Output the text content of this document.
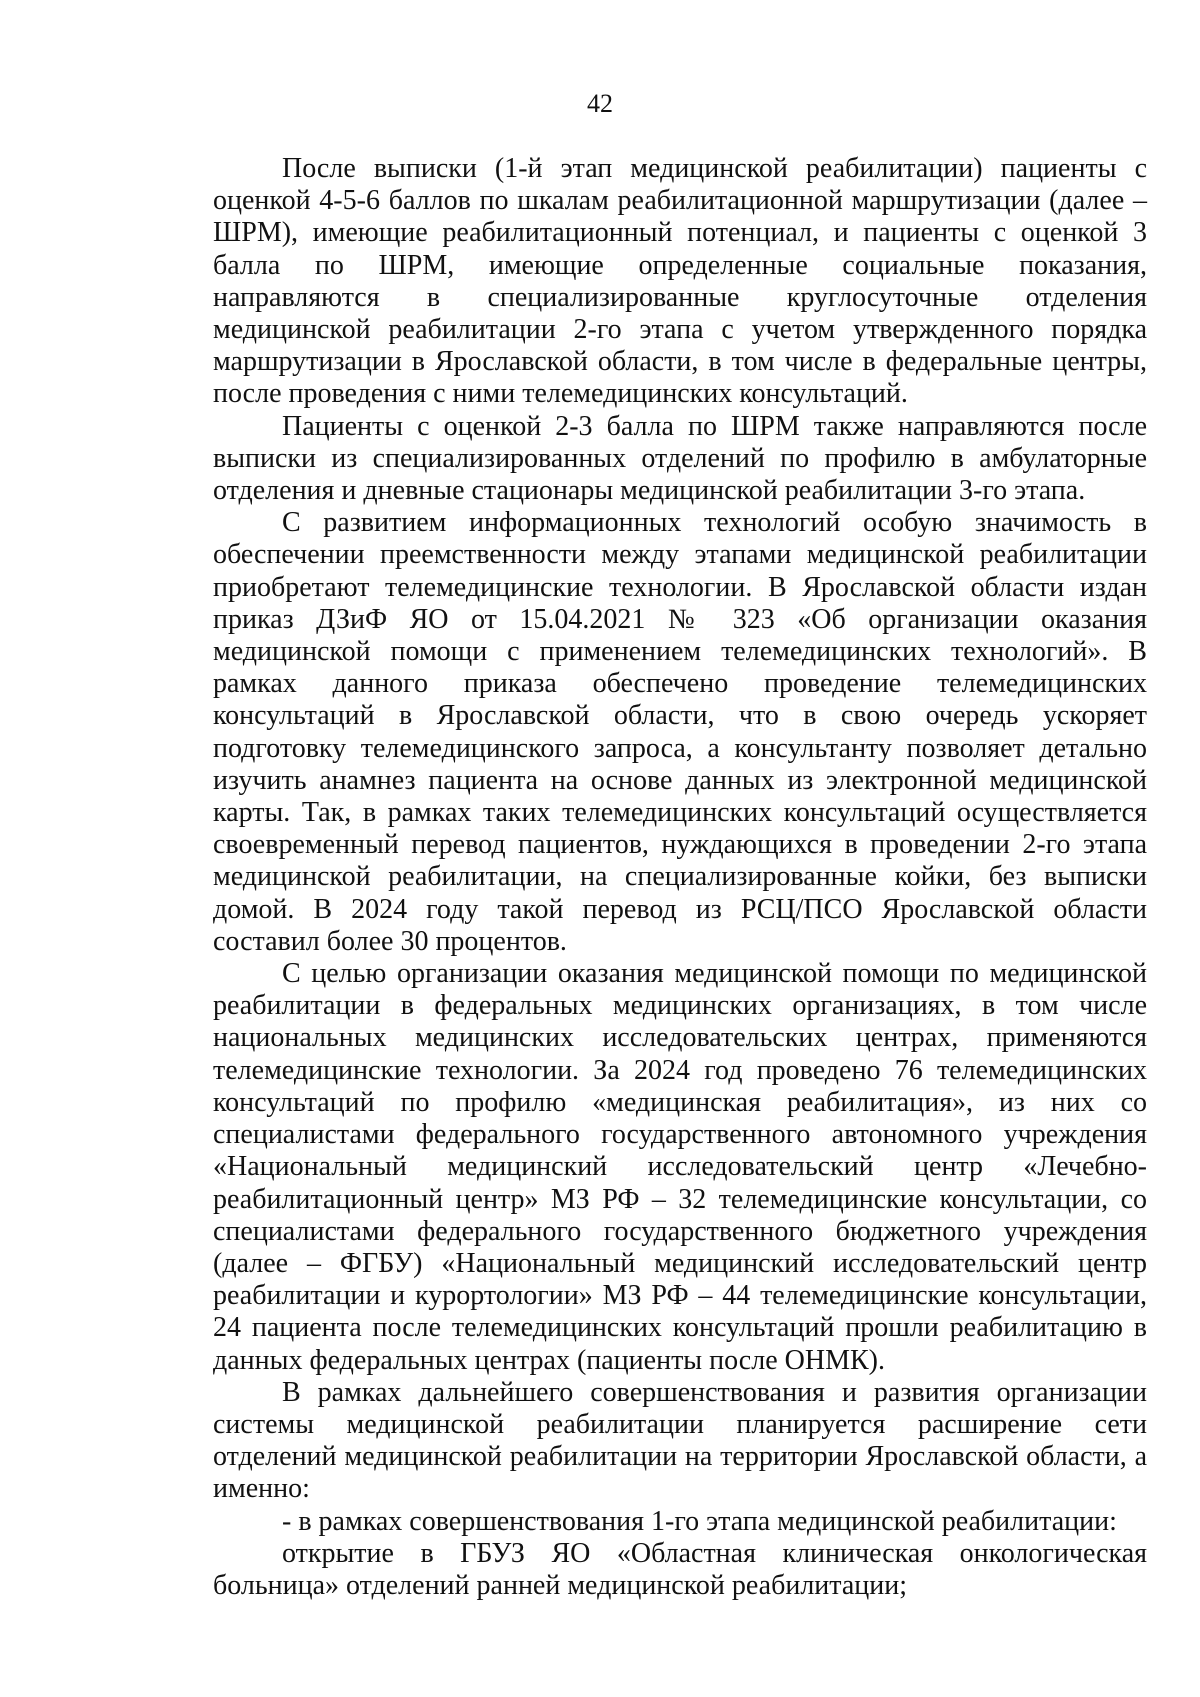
42

После выписки (1-й этап медицинской реабилитации) пациенты с оценкой 4-5-6 баллов по шкалам реабилитационной маршрутизации (далее – ШРМ), имеющие реабилитационный потенциал, и пациенты с оценкой 3 балла по ШРМ, имеющие определенные социальные показания, направляются в специализированные круглосуточные отделения медицинской реабилитации 2-го этапа с учетом утвержденного порядка маршрутизации в Ярославской области, в том числе в федеральные центры, после проведения с ними телемедицинских консультаций.

Пациенты с оценкой 2-3 балла по ШРМ также направляются после выписки из специализированных отделений по профилю в амбулаторные отделения и дневные стационары медицинской реабилитации 3-го этапа.

С развитием информационных технологий особую значимость в обеспечении преемственности между этапами медицинской реабилитации приобретают телемедицинские технологии. В Ярославской области издан приказ ДЗиФ ЯО от 15.04.2021 № 323 «Об организации оказания медицинской помощи с применением телемедицинских технологий». В рамках данного приказа обеспечено проведение телемедицинских консультаций в Ярославской области, что в свою очередь ускоряет подготовку телемедицинского запроса, а консультанту позволяет детально изучить анамнез пациента на основе данных из электронной медицинской карты. Так, в рамках таких телемедицинских консультаций осуществляется своевременный перевод пациентов, нуждающихся в проведении 2-го этапа медицинской реабилитации, на специализированные койки, без выписки домой. В 2024 году такой перевод из РСЦ/ПСО Ярославской области составил более 30 процентов.

С целью организации оказания медицинской помощи по медицинской реабилитации в федеральных медицинских организациях, в том числе национальных медицинских исследовательских центрах, применяются телемедицинские технологии. За 2024 год проведено 76 телемедицинских консультаций по профилю «медицинская реабилитация», из них со специалистами федерального государственного автономного учреждения «Национальный медицинский исследовательский центр «Лечебно-реабилитационный центр» МЗ РФ – 32 телемедицинские консультации, со специалистами федерального государственного бюджетного учреждения (далее – ФГБУ) «Национальный медицинский исследовательский центр реабилитации и курортологии» МЗ РФ – 44 телемедицинские консультации, 24 пациента после телемедицинских консультаций прошли реабилитацию в данных федеральных центрах (пациенты после ОНМК).

В рамках дальнейшего совершенствования и развития организации системы медицинской реабилитации планируется расширение сети отделений медицинской реабилитации на территории Ярославской области, а именно:

- в рамках совершенствования 1-го этапа медицинской реабилитации:

открытие в ГБУЗ ЯО «Областная клиническая онкологическая больница» отделений ранней медицинской реабилитации;
